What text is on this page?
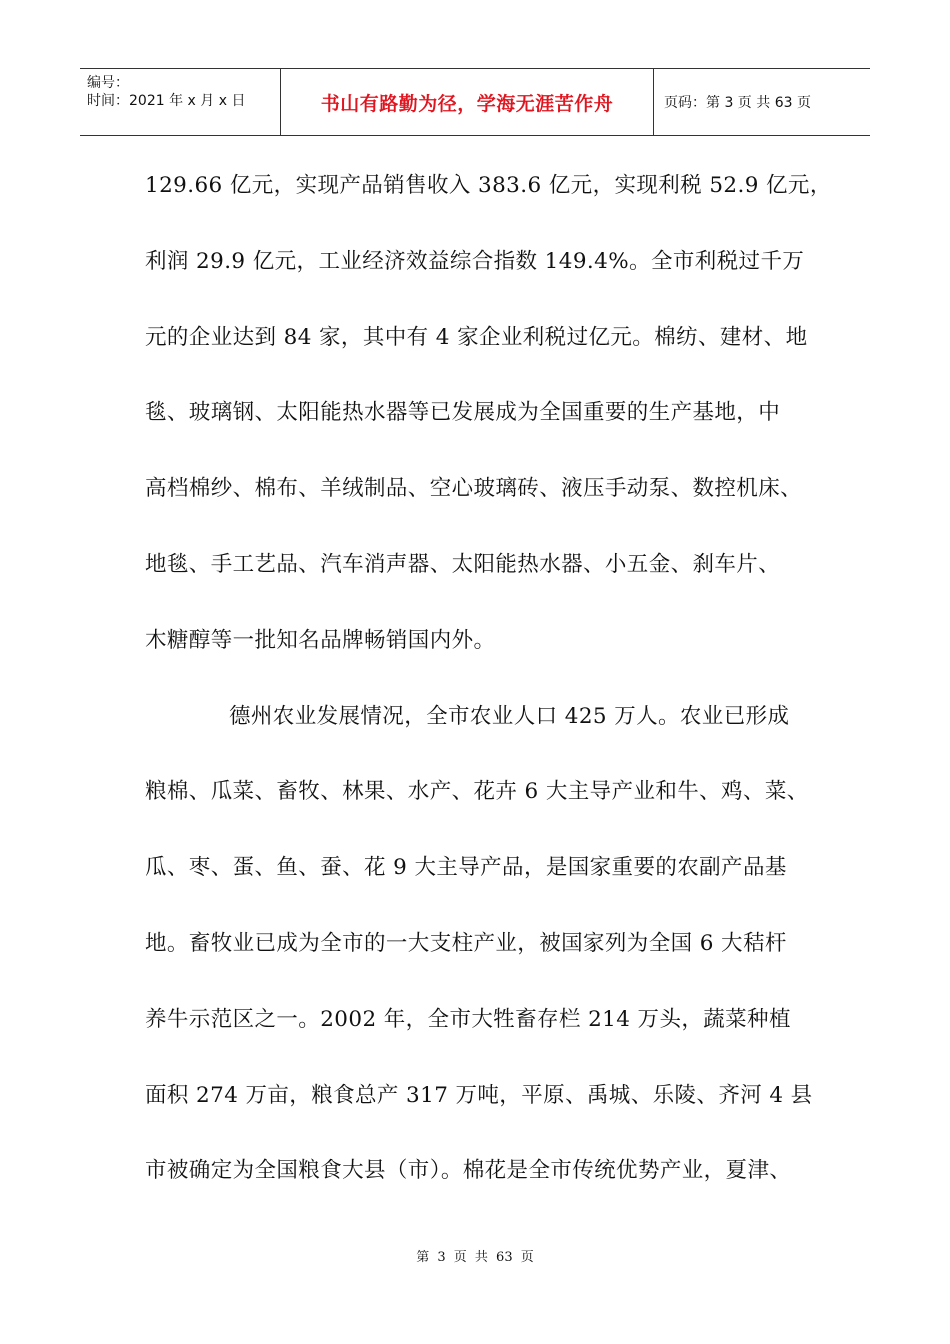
编号：
时间：2021 年 x 月 x 日	书山有路勤为径，学海无涯苦作舟	页码：第 3 页 共 63 页
129.66 亿元，实现产品销售收入 383.6 亿元，实现利税 52.9 亿元，
利润 29.9 亿元，工业经济效益综合指数 149.4%。全市利税过千万
元的企业达到 84 家，其中有 4 家企业利税过亿元。棉纺、建材、地
毯、玻璃钢、太阳能热水器等已发展成为全国重要的生产基地，中
高档棉纱、棉布、羊绒制品、空心玻璃砖、液压手动泵、数控机床、
地毯、手工艺品、汽车消声器、太阳能热水器、小五金、刹车片、
木糖醇等一批知名品牌畅销国内外。
德州农业发展情况，全市农业人口 425 万人。农业已形成
粮棉、瓜菜、畜牧、林果、水产、花卉 6 大主导产业和牛、鸡、菜、
瓜、枣、蛋、鱼、蚕、花 9 大主导产品，是国家重要的农副产品基
地。畜牧业已成为全市的一大支柱产业，被国家列为全国 6 大秸杆
养牛示范区之一。2002 年，全市大牲畜存栏 214 万头，蔬菜种植
面积 274 万亩，粮食总产 317 万吨，平原、禹城、乐陵、齐河 4 县
市被确定为全国粮食大县（市）。棉花是全市传统优势产业，夏津、
第 3 页 共 63 页
